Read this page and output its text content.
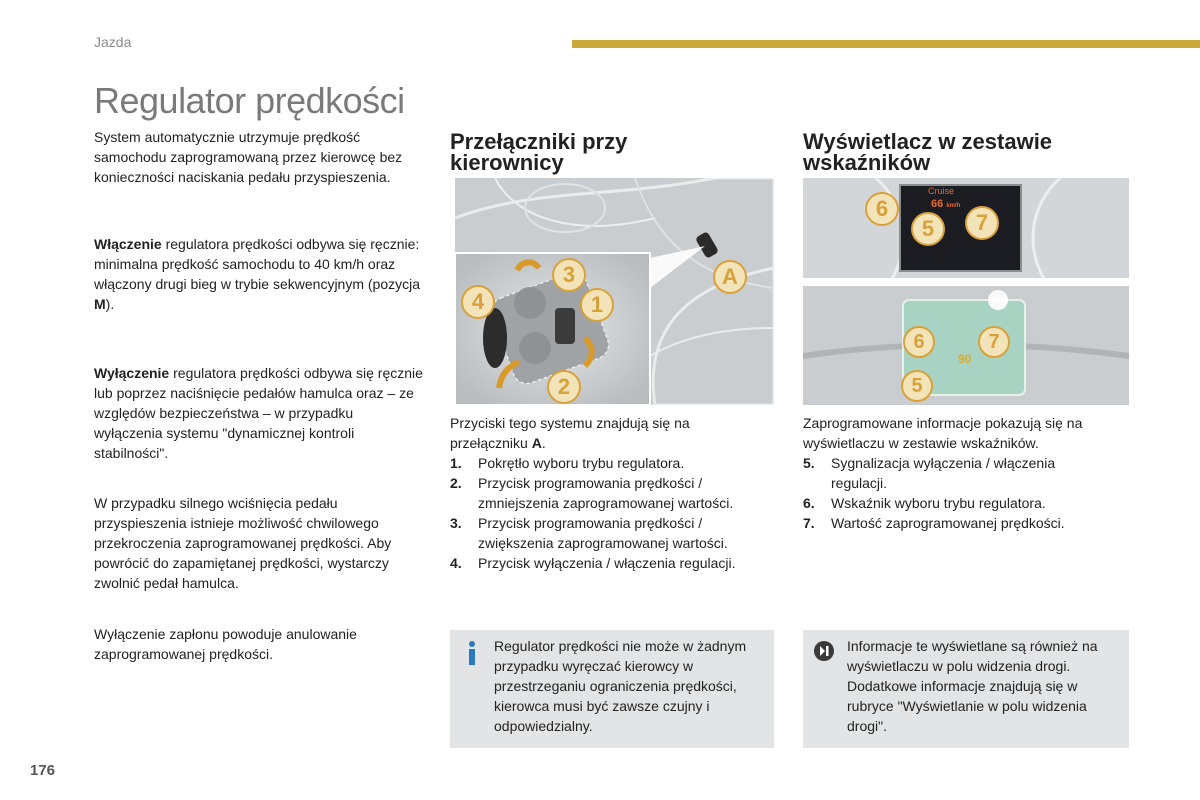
Jazda
Regulator prędkości

System automatycznie utrzymuje prędkość samochodu zaprogramowaną przez kierowcę bez konieczności naciskania pedału przyspieszenia.

Włączenie regulatora prędkości odbywa się ręcznie: minimalna prędkość samochodu to 40 km/h oraz włączony drugi bieg w trybie sekwencyjnym (pozycja M).

Wyłączenie regulatora prędkości odbywa się ręcznie lub poprzez naciśnięcie pedałów hamulca oraz – ze względów bezpieczeństwa – w przypadku wyłączenia systemu "dynamicznej kontroli stabilności".

W przypadku silnego wciśnięcia pedału przyspieszenia istnieje możliwość chwilowego przekroczenia zaprogramowanej prędkości. Aby powrócić do zapamiętanej prędkości, wystarczy zwolnić pedał hamulca.

Wyłączenie zapłonu powoduje anulowanie zaprogramowanej prędkości.

Przełączniki przy
kierownicy
3
4	1
2
A

Przyciski tego systemu znajdują się na przełączniku A.

1. Pokrętło wyboru trybu regulatora.
2. Przycisk programowania prędkości / zmniejszenia zaprogramowanej wartości.
3. Przycisk programowania prędkości / zwiększenia zaprogramowanej wartości.
4. Przycisk wyłączenia / włączenia regulacji.
Regulator prędkości nie może w żadnym przypadku wyręczać kierowcy w przestrzeganiu ograniczenia prędkości, kierowca musi być zawsze czujny i odpowiedzialny.
Wyświetlacz w zestawie
wskaźników
Cruise
66 km/h
6
5	7
90
6	7
5

Zaprogramowane informacje pokazują się na wyświetlaczu w zestawie wskaźników.

5. Sygnalizacja wyłączenia / włączenia regulacji.
6. Wskaźnik wyboru trybu regulatora.
7. Wartość zaprogramowanej prędkości.
Informacje te wyświetlane są również na wyświetlaczu w polu widzenia drogi. Dodatkowe informacje znajdują się w rubryce "Wyświetlanie w polu widzenia drogi".
176
